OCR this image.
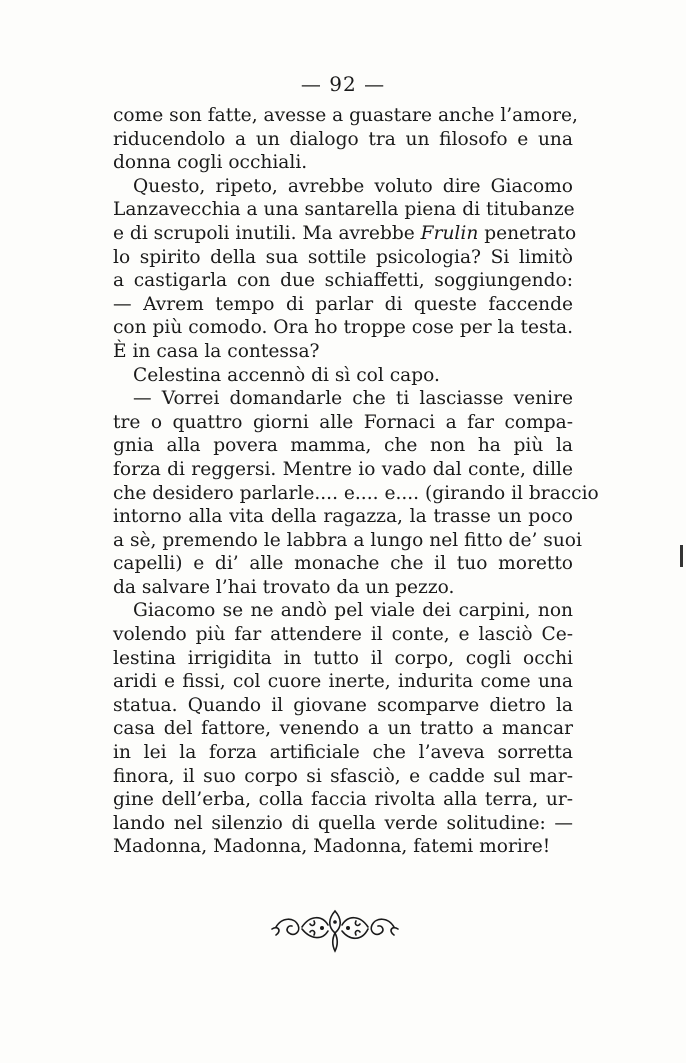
— 92 —
come son fatte, avesse a guastare anche l’amore,
riducendolo a un dialogo tra un filosofo e una
donna cogli occhiali.
Questo, ripeto, avrebbe voluto dire Giacomo
Lanzavecchia a una santarella piena di titubanze
e di scrupoli inutili. Ma avrebbe Frulin penetrato
lo spirito della sua sottile psicologia? Si limitò
a castigarla con due schiaffetti, soggiungendo:
— Avrem tempo di parlar di queste faccende
con più comodo. Ora ho troppe cose per la testa.
È in casa la contessa?
Celestina accennò di sì col capo.
— Vorrei domandarle che ti lasciasse venire
tre o quattro giorni alle Fornaci a far compa-
gnia alla povera mamma, che non ha più la
forza di reggersi. Mentre io vado dal conte, dille
che desidero parlarle.... e.... e.... (girando il braccio
intorno alla vita della ragazza, la trasse un poco
a sè, premendo le labbra a lungo nel fitto de’ suoi
capelli) e di’ alle monache che il tuo moretto
da salvare l’hai trovato da un pezzo.
Giacomo se ne andò pel viale dei carpini, non
volendo più far attendere il conte, e lasciò Ce-
lestina irrigidita in tutto il corpo, cogli occhi
aridi e fissi, col cuore inerte, indurita come una
statua. Quando il giovane scomparve dietro la
casa del fattore, venendo a un tratto a mancar
in lei la forza artificiale che l’aveva sorretta
finora, il suo corpo si sfasciò, e cadde sul mar-
gine dell’erba, colla faccia rivolta alla terra, ur-
lando nel silenzio di quella verde solitudine: —
Madonna, Madonna, Madonna, fatemi morire!
